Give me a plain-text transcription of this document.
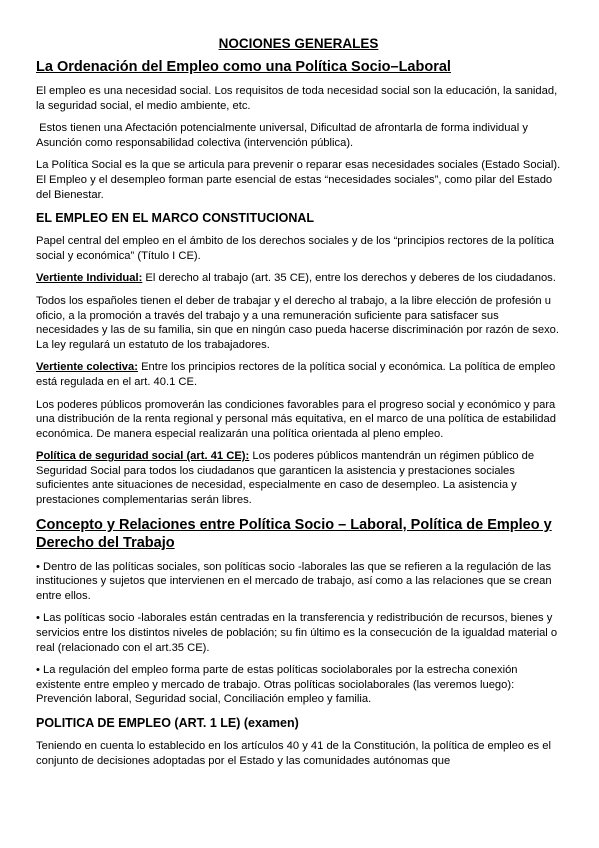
NOCIONES GENERALES
La Ordenación del Empleo como una Política Socio–Laboral

El empleo es una necesidad social. Los requisitos de toda necesidad social son la educación, la sanidad, la seguridad social, el medio ambiente, etc.

Estos tienen una Afectación potencialmente universal, Dificultad de afrontarla de forma individual y Asunción como responsabilidad colectiva (intervención pública).

La Política Social es la que se articula para prevenir o reparar esas necesidades sociales (Estado Social). El Empleo y el desempleo forman parte esencial de estas “necesidades sociales”, como pilar del Estado del Bienestar.

EL EMPLEO EN EL MARCO CONSTITUCIONAL

Papel central del empleo en el ámbito de los derechos sociales y de los “principios rectores de la política social y económica” (Título I CE).

Vertiente Individual: El derecho al trabajo (art. 35 CE), entre los derechos y deberes de los ciudadanos.

Todos los españoles tienen el deber de trabajar y el derecho al trabajo, a la libre elección de profesión u oficio, a la promoción a través del trabajo y a una remuneración suficiente para satisfacer sus necesidades y las de su familia, sin que en ningún caso pueda hacerse discriminación por razón de sexo. La ley regulará un estatuto de los trabajadores.

Vertiente colectiva: Entre los principios rectores de la política social y económica. La política de empleo está regulada en el art. 40.1 CE.

Los poderes públicos promoverán las condiciones favorables para el progreso social y económico y para una distribución de la renta regional y personal más equitativa, en el marco de una política de estabilidad económica. De manera especial realizarán una política orientada al pleno empleo.

Política de seguridad social (art. 41 CE): Los poderes públicos mantendrán un régimen público de Seguridad Social para todos los ciudadanos que garanticen la asistencia y prestaciones sociales suficientes ante situaciones de necesidad, especialmente en caso de desempleo. La asistencia y prestaciones complementarias serán libres.

Concepto y Relaciones entre Política Socio – Laboral, Política de Empleo y Derecho del Trabajo

• Dentro de las políticas sociales, son políticas socio -laborales las que se refieren a la regulación de las instituciones y sujetos que intervienen en el mercado de trabajo, así como a las relaciones que se crean entre ellos.

• Las políticas socio -laborales están centradas en la transferencia y redistribución de recursos, bienes y servicios entre los distintos niveles de población; su fin último es la consecución de la igualdad material o real (relacionado con el art.35 CE).

• La regulación del empleo forma parte de estas políticas sociolaborales por la estrecha conexión existente entre empleo y mercado de trabajo. Otras políticas sociolaborales (las veremos luego): Prevención laboral, Seguridad social, Conciliación empleo y familia.

POLITICA DE EMPLEO (ART. 1 LE) (examen)

Teniendo en cuenta lo establecido en los artículos 40 y 41 de la Constitución, la política de empleo es el conjunto de decisiones adoptadas por el Estado y las comunidades autónomas que
